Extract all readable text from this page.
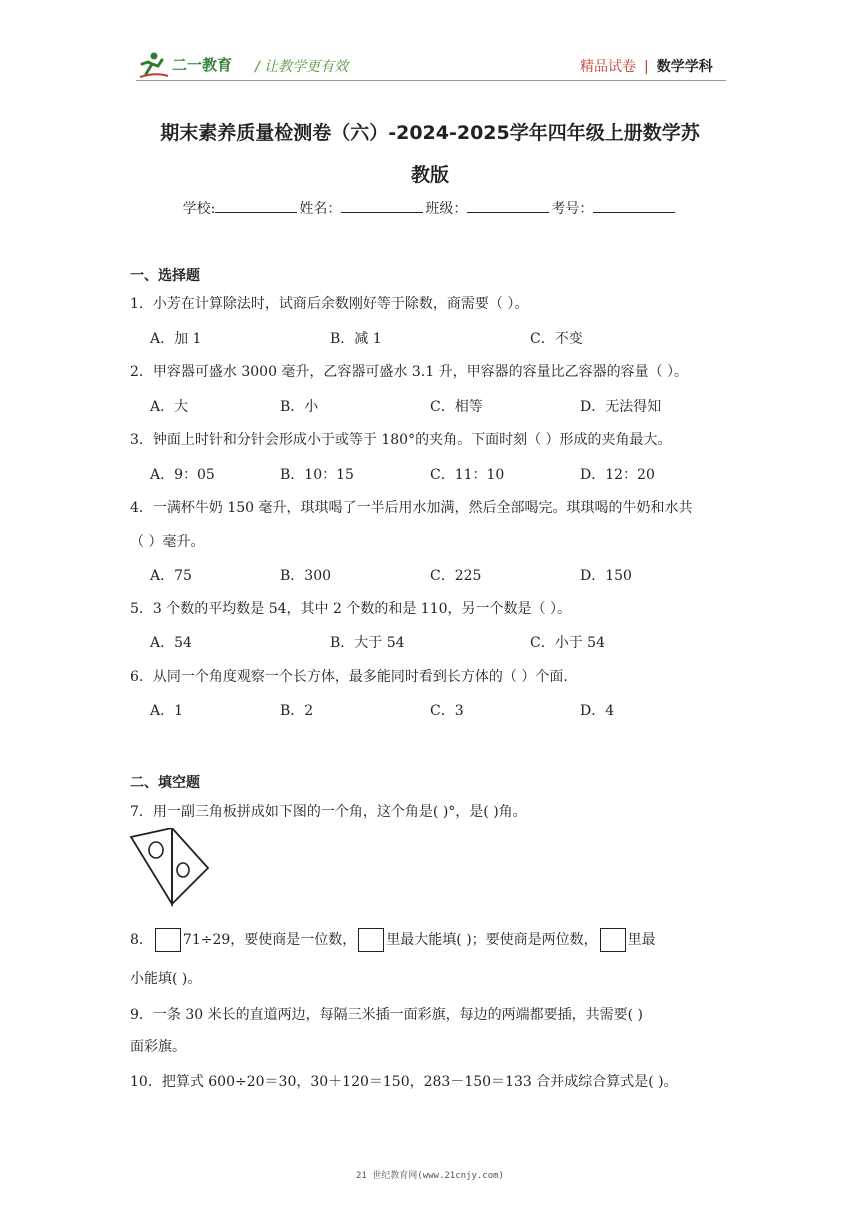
二一教育 / 让教学更有效	精品试卷 | 数学学科
期末素养质量检测卷（六）-2024-2025学年四年级上册数学苏
教版
学校:	姓名：	班级：	考号：
一、选择题
1．小芳在计算除法时，试商后余数刚好等于除数，商需要（ ）。
A．加 1	B．减 1	C．不变
2．甲容器可盛水 3000 毫升，乙容器可盛水 3.1 升，甲容器的容量比乙容器的容量（ ）。
A．大	B．小	C．相等	D．无法得知
3．钟面上时针和分针会形成小于或等于 180°的夹角。下面时刻（ ）形成的夹角最大。
A．9：05	B．10：15	C．11：10	D．12：20
4．一满杯牛奶 150 毫升，琪琪喝了一半后用水加满，然后全部喝完。琪琪喝的牛奶和水共
（ ）毫升。
A．75	B．300	C．225	D．150
5．3 个数的平均数是 54，其中 2 个数的和是 110，另一个数是（ ）。
A．54	B．大于 54	C．小于 54
6．从同一个角度观察一个长方体，最多能同时看到长方体的（ ）个面.
A．1	B．2	C．3	D．4
二、填空题
7．用一副三角板拼成如下图的一个角，这个角是( )°，是( )角。
8． 71÷29，要使商是一位数， 里最大能填( )；要使商是两位数， 里最
小能填( )。
9．一条 30 米长的直道两边，每隔三米插一面彩旗，每边的两端都要插，共需要( )
面彩旗。
10．把算式 600÷20＝30，30＋120＝150，283－150＝133 合并成综合算式是( )。
21 世纪教育网(www.21cnjy.com)
